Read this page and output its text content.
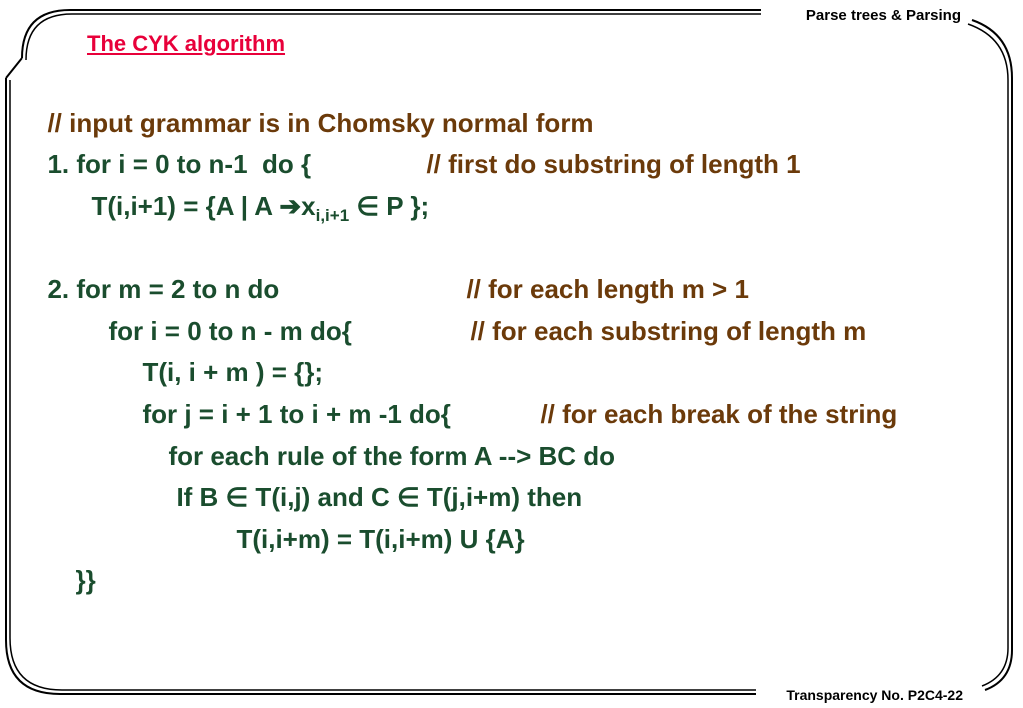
Parse trees & Parsing
Transparency No. P2C4-22
The CYK algorithm

// input grammar is in Chomsky normal form

1. for i = 0 to n-1  do {	// first do substring of length 1

T(i,i+1) = {A | A $➔x_{i,i+1}$ ∈ P };

2. for m = 2 to n do	// for each length m > 1

for i = 0 to n - m do{	// for each substring of length m

T(i, i + m ) = {};

for j = i + 1 to i + m -1 do{	// for each break of the string

for each rule of the form A --> BC do

If B ∈ T(i,j) and C ∈ T(j,i+m) then

T(i,i+m) = T(i,i+m) U {A}

}}
